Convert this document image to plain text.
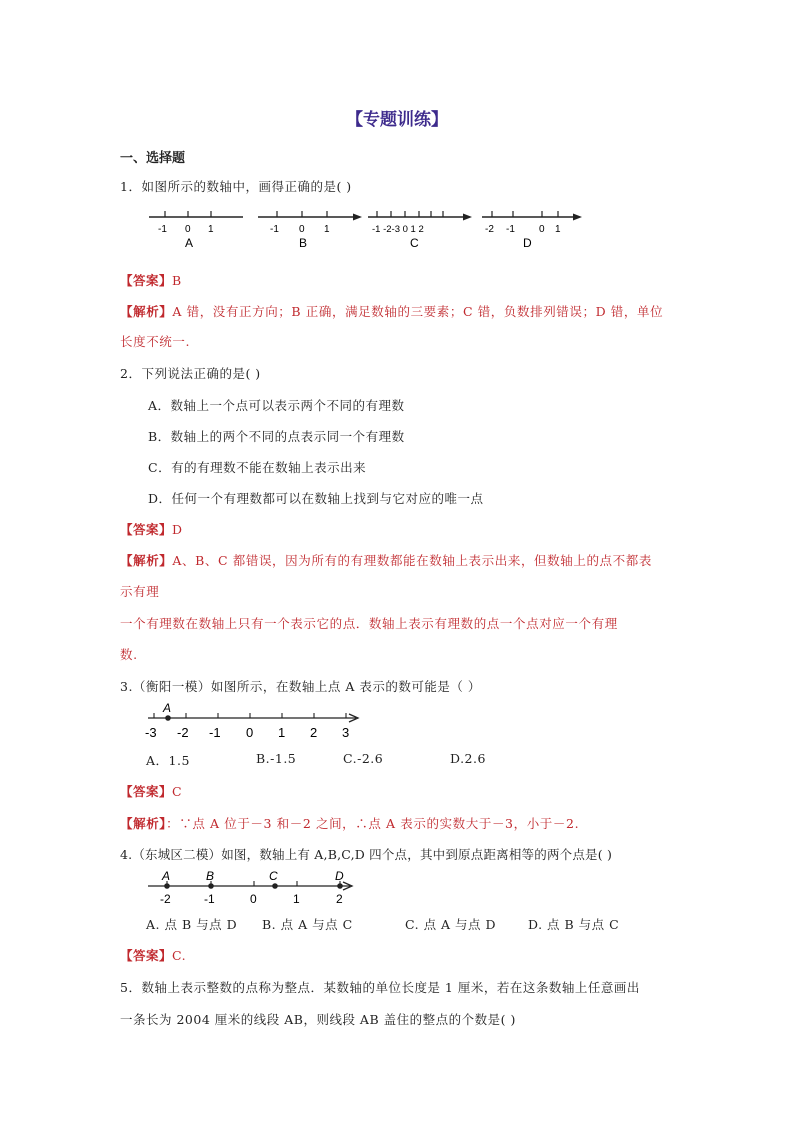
【专题训练】
一、选择题
1．如图所示的数轴中，画得正确的是( )
-1 0 1
A
-1 0 1
B
-1 -2-3 0 1 2
C
-2 -1 0 1
D
【答案】B
【解析】A 错，没有正方向；B 正确，满足数轴的三要素；C 错，负数排列错误；D 错，单位
长度不统一.
2．下列说法正确的是( )
A．数轴上一个点可以表示两个不同的有理数
B．数轴上的两个不同的点表示同一个有理数
C．有的有理数不能在数轴上表示出来
D．任何一个有理数都可以在数轴上找到与它对应的唯一点
【答案】D
【解析】A、B、C 都错误，因为所有的有理数都能在数轴上表示出来，但数轴上的点不都表
示有理
一个有理数在数轴上只有一个表示它的点．数轴上表示有理数的点一个点对应一个有理
数.
3.（衡阳一模）如图所示，在数轴上点 A 表示的数可能是（ ）
A
-3 -2 -1 0 1 2 3
A．1.5	B.-1.5	C.-2.6	D.2.6
【答案】C
【解析】：∵点 A 位于－3 和－2 之间，∴点 A 表示的实数大于－3，小于－2.
4.（东城区二模）如图，数轴上有 A,B,C,D 四个点，其中到原点距离相等的两个点是( )
A	B	C	D
-2	-1	0	1	2
A. 点 B 与点 D B. 点 A 与点 C	C. 点 A 与点 D	D. 点 B 与点 C
【答案】C.
5．数轴上表示整数的点称为整点．某数轴的单位长度是 1 厘米，若在这条数轴上任意画出
一条长为 2004 厘米的线段 AB，则线段 AB 盖住的整点的个数是( )
